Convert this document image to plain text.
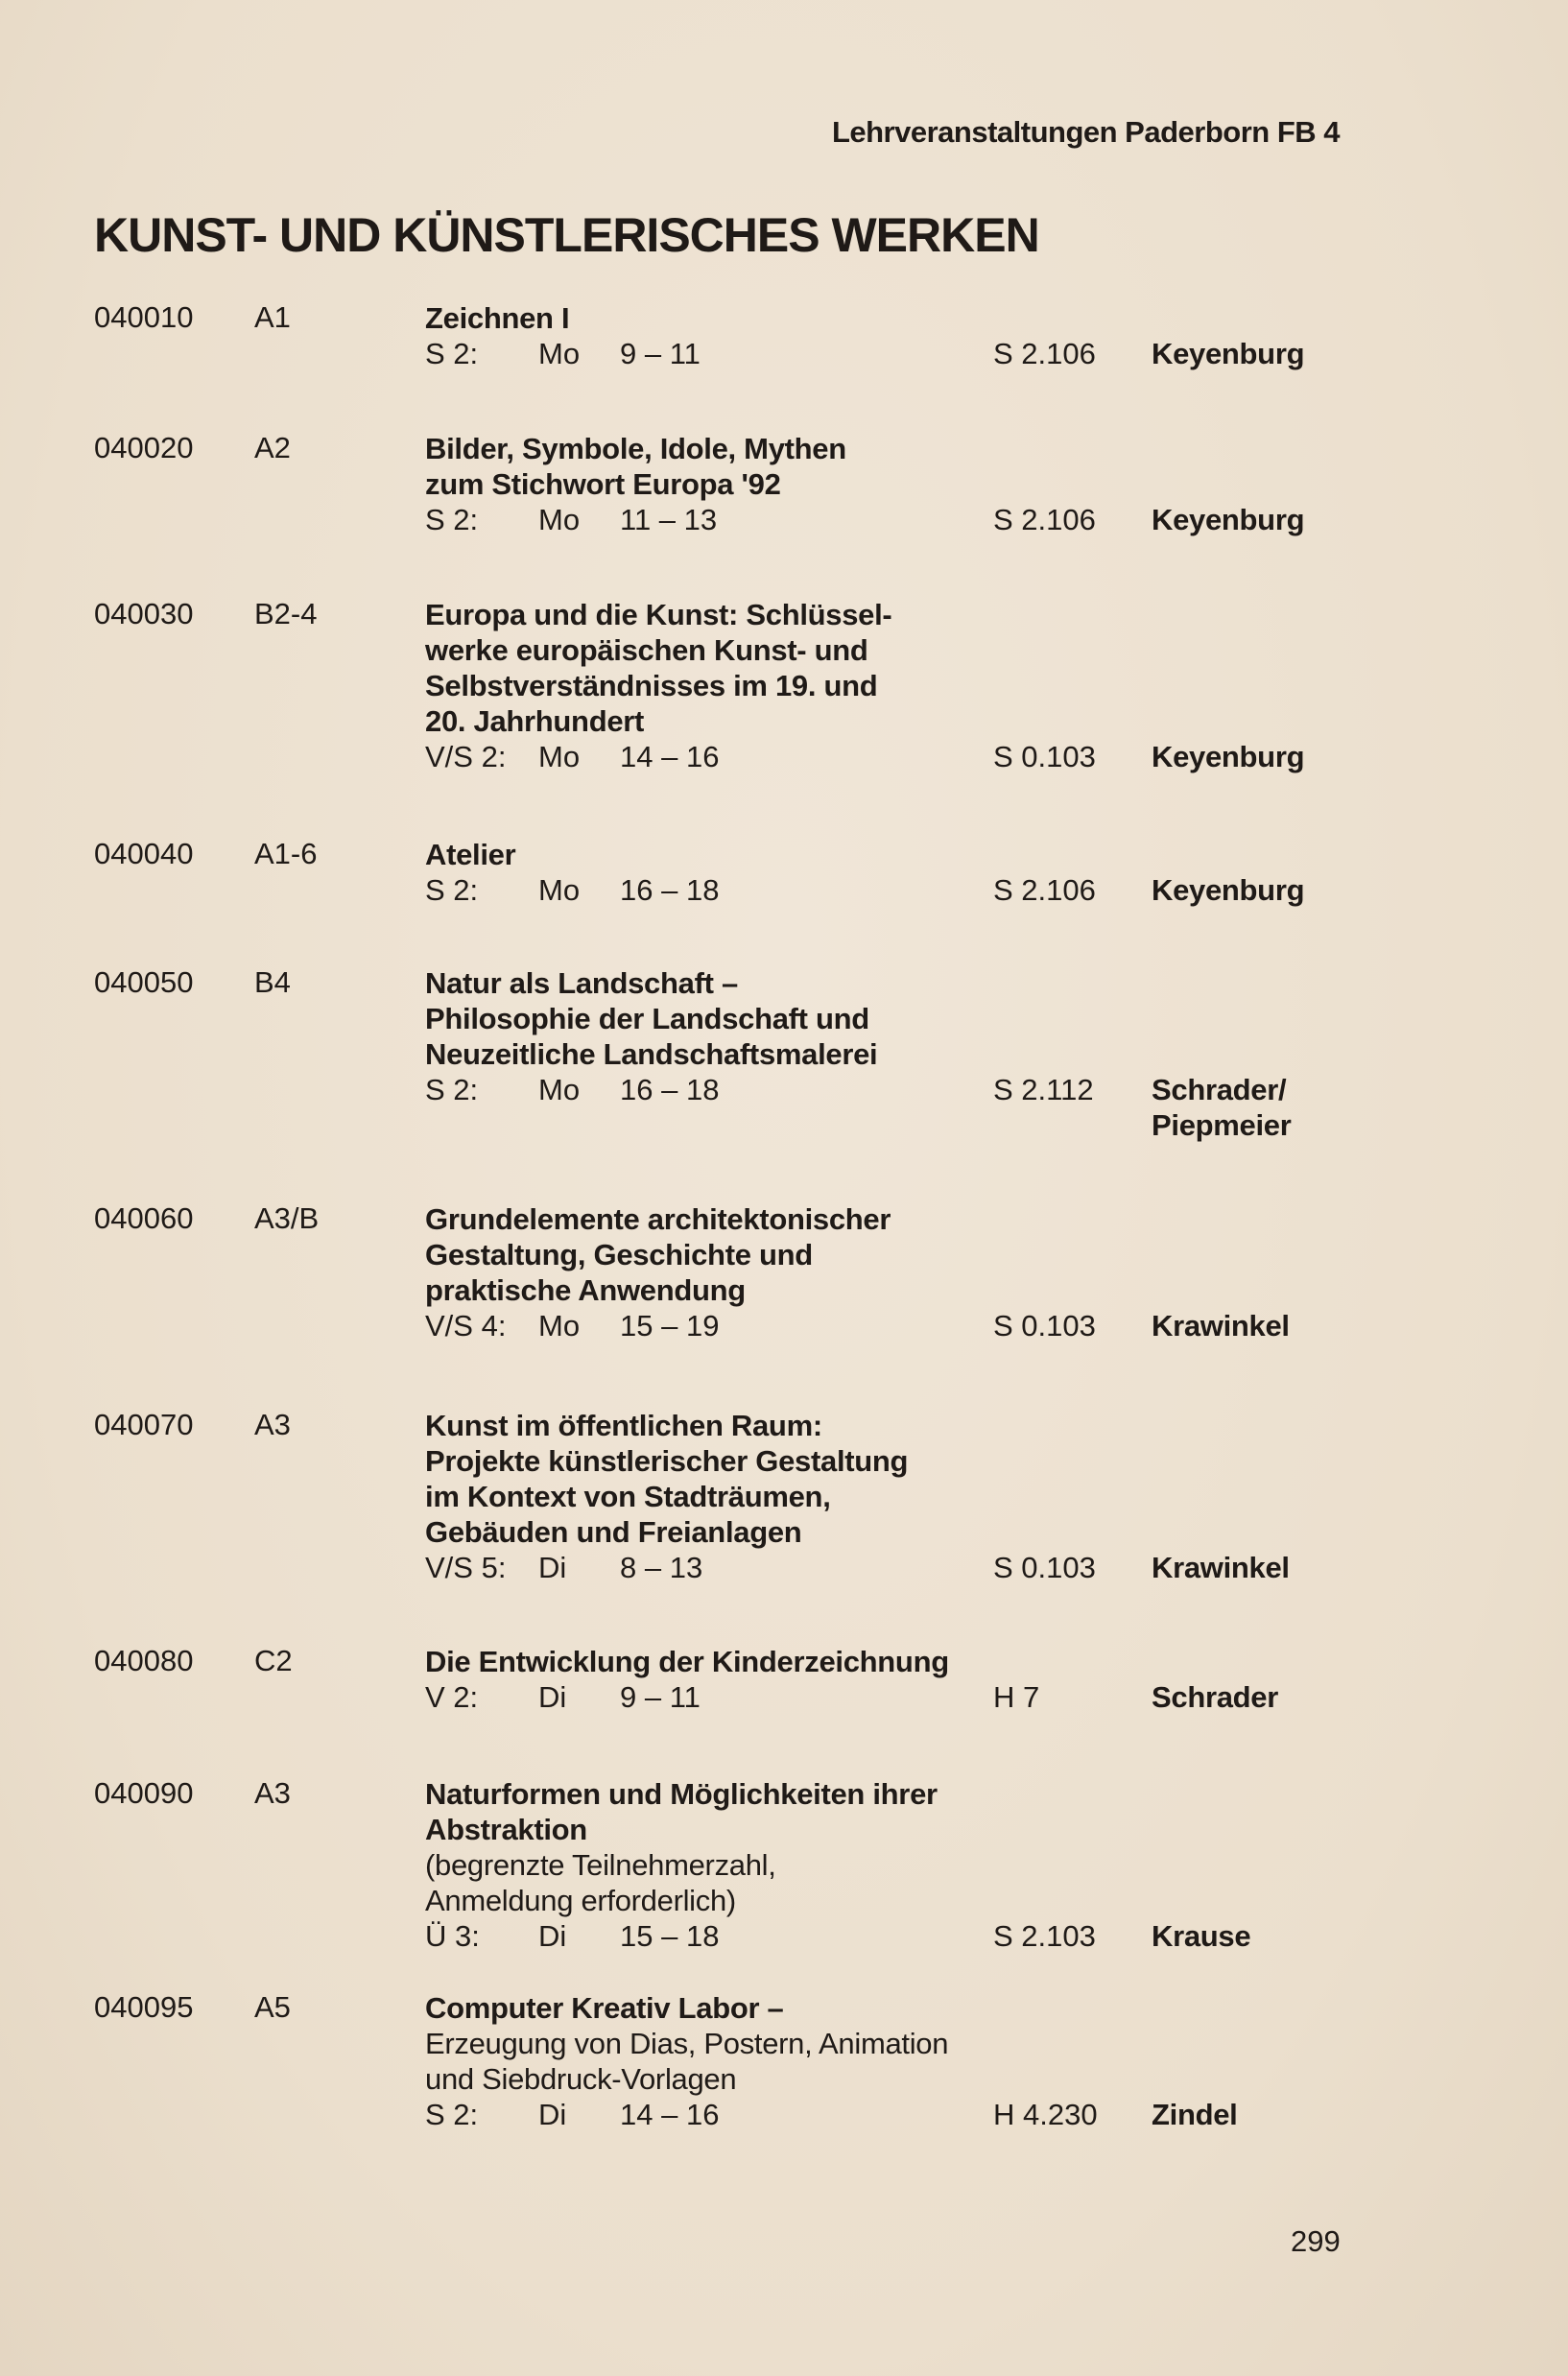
Lehrveranstaltungen Paderborn FB 4
KUNST- UND KÜNSTLERISCHES WERKEN
040010 A1	Zeichnen I
S 2: Mo 9 – 11	S 2.106 Keyenburg
040020 A2	Bilder, Symbole, Idole, Mythen
zum Stichwort Europa '92
S 2: Mo 11 – 13	S 2.106 Keyenburg
040030 B2-4	Europa und die Kunst: Schlüssel-
werke europäischen Kunst- und
Selbstverständnisses im 19. und
20. Jahrhundert
V/S 2: Mo 14 – 16	S 0.103 Keyenburg
040040 A1-6	Atelier
S 2: Mo 16 – 18	S 2.106 Keyenburg
040050 B4	Natur als Landschaft –
Philosophie der Landschaft und
Neuzeitliche Landschaftsmalerei
S 2: Mo 16 – 18	S 2.112 Schrader/
Piepmeier
040060 A3/B	Grundelemente architektonischer
Gestaltung, Geschichte und
praktische Anwendung
V/S 4: Mo 15 – 19	S 0.103 Krawinkel
040070 A3	Kunst im öffentlichen Raum:
Projekte künstlerischer Gestaltung
im Kontext von Stadträumen,
Gebäuden und Freianlagen
V/S 5: Di 8 – 13	S 0.103 Krawinkel
040080 C2	Die Entwicklung der Kinderzeichnung
V 2: Di 9 – 11	H 7	Schrader
040090 A3	Naturformen und Möglichkeiten ihrer
Abstraktion
(begrenzte Teilnehmerzahl,
Anmeldung erforderlich)
Ü 3: Di 15 – 18	S 2.103 Krause
040095 A5	Computer Kreativ Labor –
Erzeugung von Dias, Postern, Animation
und Siebdruck-Vorlagen
S 2: Di 14 – 16	H 4.230 Zindel
299
